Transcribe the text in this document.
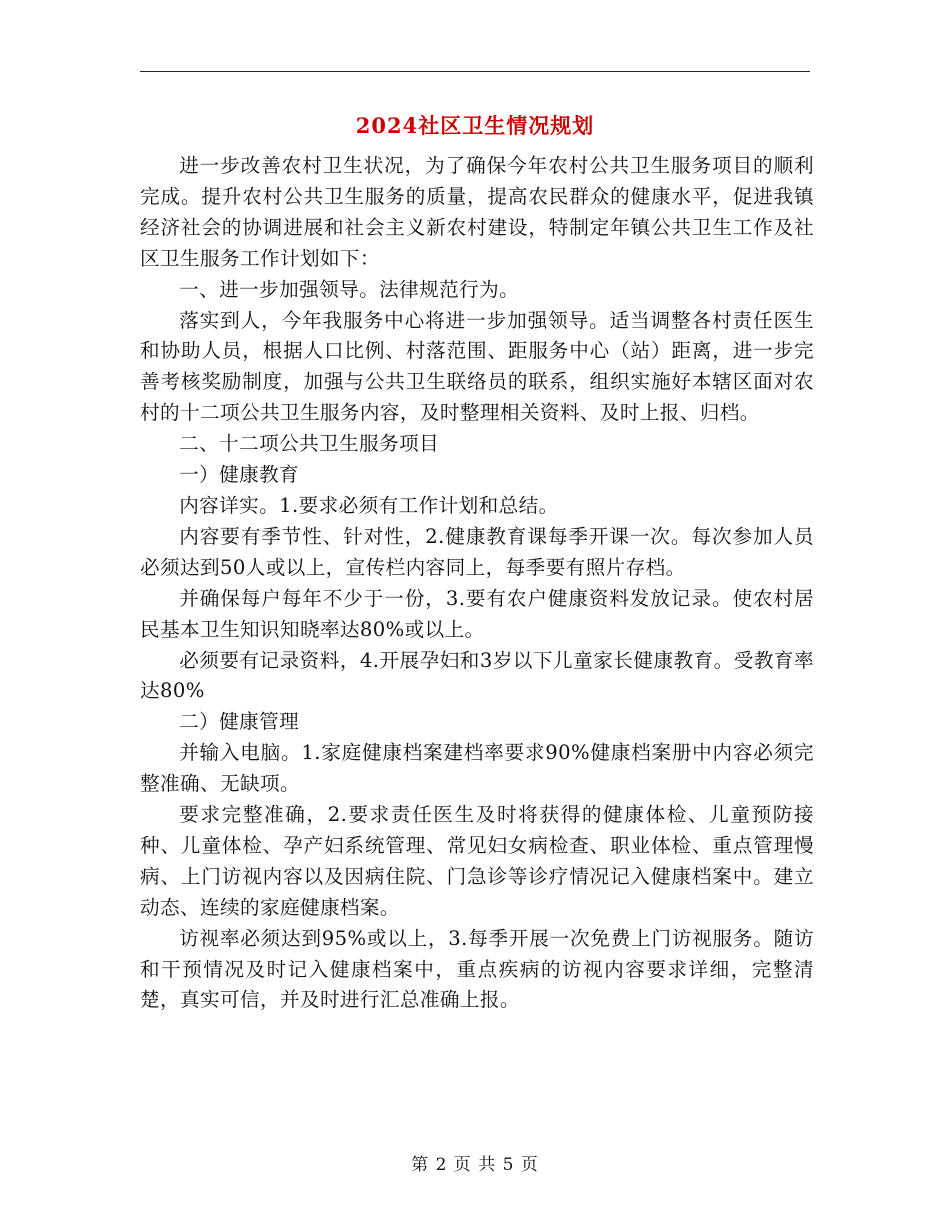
2024社区卫生情况规划

进一步改善农村卫生状况，为了确保今年农村公共卫生服务项目的顺利完成。提升农村公共卫生服务的质量，提高农民群众的健康水平，促进我镇经济社会的协调进展和社会主义新农村建设，特制定年镇公共卫生工作及社区卫生服务工作计划如下：

一、进一步加强领导。法律规范行为。

落实到人，今年我服务中心将进一步加强领导。适当调整各村责任医生和协助人员，根据人口比例、村落范围、距服务中心（站）距离，进一步完善考核奖励制度，加强与公共卫生联络员的联系，组织实施好本辖区面对农村的十二项公共卫生服务内容，及时整理相关资料、及时上报、归档。

二、十二项公共卫生服务项目

一）健康教育

内容详实。1.要求必须有工作计划和总结。

内容要有季节性、针对性，2.健康教育课每季开课一次。每次参加人员必须达到50人或以上，宣传栏内容同上，每季要有照片存档。

并确保每户每年不少于一份，3.要有农户健康资料发放记录。使农村居民基本卫生知识知晓率达80%或以上。

必须要有记录资料，4.开展孕妇和3岁以下儿童家长健康教育。受教育率达80%

二）健康管理

并输入电脑。1.家庭健康档案建档率要求90%健康档案册中内容必须完整准确、无缺项。

要求完整准确，2.要求责任医生及时将获得的健康体检、儿童预防接种、儿童体检、孕产妇系统管理、常见妇女病检查、职业体检、重点管理慢病、上门访视内容以及因病住院、门急诊等诊疗情况记入健康档案中。建立动态、连续的家庭健康档案。

访视率必须达到95%或以上，3.每季开展一次免费上门访视服务。随访和干预情况及时记入健康档案中，重点疾病的访视内容要求详细，完整清楚，真实可信，并及时进行汇总准确上报。

第 2 页 共 5 页
